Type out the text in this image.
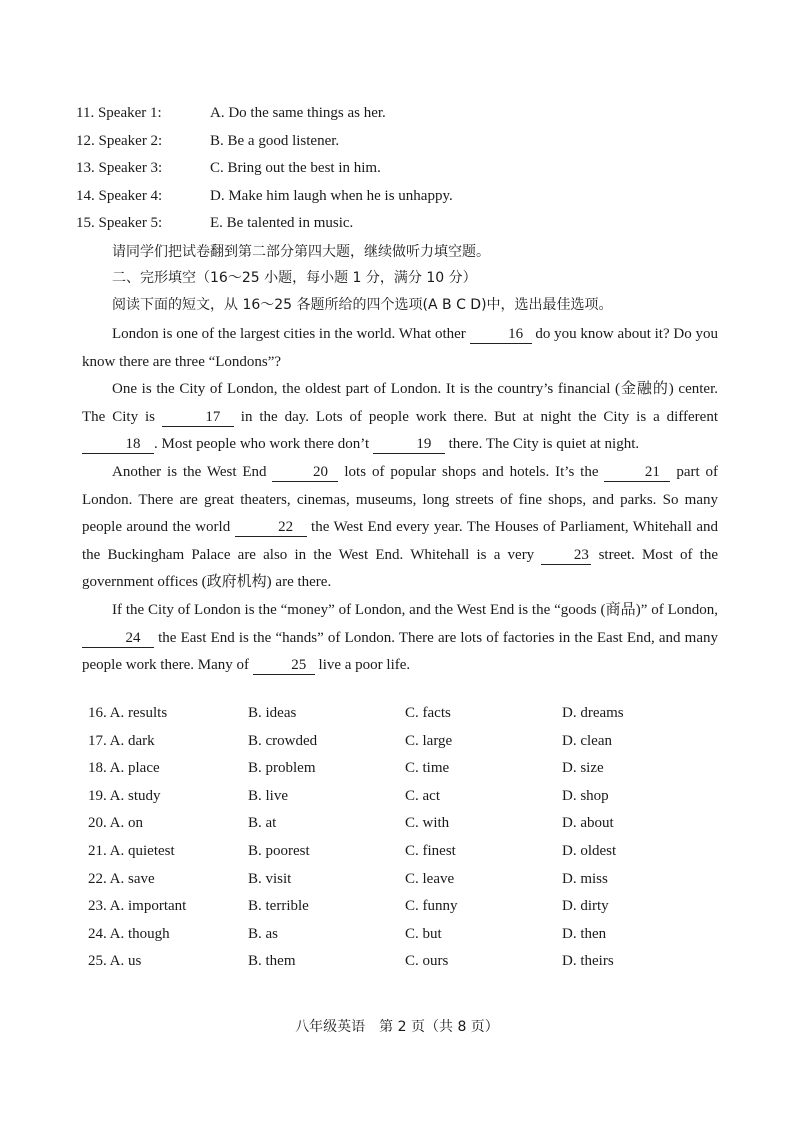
11. Speaker 1:	A. Do the same things as her.
12. Speaker 2:	B. Be a good listener.
13. Speaker 3:	C. Bring out the best in him.
14. Speaker 4:	D. Make him laugh when he is unhappy.
15. Speaker 5:	E. Be talented in music.
请同学们把试卷翻到第二部分第四大题，继续做听力填空题。
二、完形填空（16～25 小题，每小题 1 分，满分 10 分）
阅读下面的短文，从 16～25 各题所给的四个选项(A B C D)中，选出最佳选项。

London is one of the largest cities in the world. What other	16 do you know about it? Do you know there are three “Londons”?

One is the City of London, the oldest part of London. It is the country’s financial (金融的) center. The City is	17 in the day. Lots of people work there. But at night the City is a different 18 . Most people who work there don’t	19 there. The City is quiet at night.

Another is the West End	20 lots of popular shops and hotels. It’s the	21 part of London. There are great theaters, cinemas, museums, long streets of fine shops, and parks. So many people around the world	22 the West End every year. The Houses of Parliament, Whitehall and the Buckingham Palace are also in the West End. Whitehall is a very	23 street. Most of the government offices (政府机构) are there.

If the City of London is the “money” of London, and the West End is the “goods (商品)” of London, 24 the East End is the “hands” of London. There are lots of factories in the East End, and many people work there. Many of	25 live a poor life.

16. A. results	B. ideas	C. facts	D. dreams
17. A. dark	B. crowded	C. large	D. clean
18. A. place	B. problem	C. time	D. size
19. A. study	B. live	C. act	D. shop
20. A. on	B. at	C. with	D. about
21. A. quietest	B. poorest	C. finest	D. oldest
22. A. save	B. visit	C. leave	D. miss
23. A. important	B. terrible	C. funny	D. dirty
24. A. though	B. as	C. but	D. then
25. A. us	B. them	C. ours	D. theirs
八年级英语　第 2 页（共 8 页）
